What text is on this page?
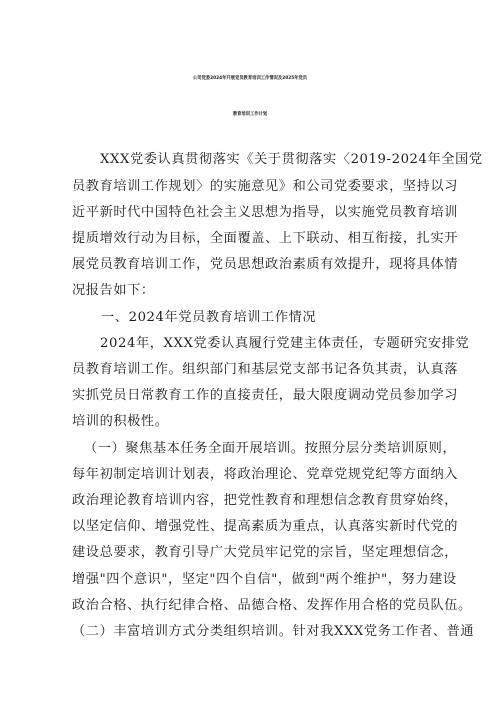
公司党委2024年开展党员教育培训工作情况及2025年党员
教育培训工作计划
XXX党委认真贯彻落实《关于贯彻落实〈2019-2024年全国党
员教育培训工作规划〉的实施意见》和公司党委要求，坚持以习
近平新时代中国特色社会主义思想为指导，以实施党员教育培训
提质增效行动为目标，全面覆盖、上下联动、相互衔接，扎实开
展党员教育培训工作，党员思想政治素质有效提升，现将具体情
况报告如下：
一、2024年党员教育培训工作情况
2024年，XXX党委认真履行党建主体责任，专题研究安排党
员教育培训工作。组织部门和基层党支部书记各负其责，认真落
实抓党员日常教育工作的直接责任，最大限度调动党员参加学习
培训的积极性。
（一）聚焦基本任务全面开展培训。按照分层分类培训原则，
每年初制定培训计划表，将政治理论、党章党规党纪等方面纳入
政治理论教育培训内容，把党性教育和理想信念教育贯穿始终，
以坚定信仰、增强党性、提高素质为重点，认真落实新时代党的
建设总要求，教育引导广大党员牢记党的宗旨，坚定理想信念，
增强"四个意识"，坚定"四个自信"，做到"两个维护"，努力建设
政治合格、执行纪律合格、品德合格、发挥作用合格的党员队伍。
（二）丰富培训方式分类组织培训。针对我XXX党务工作者、普通
